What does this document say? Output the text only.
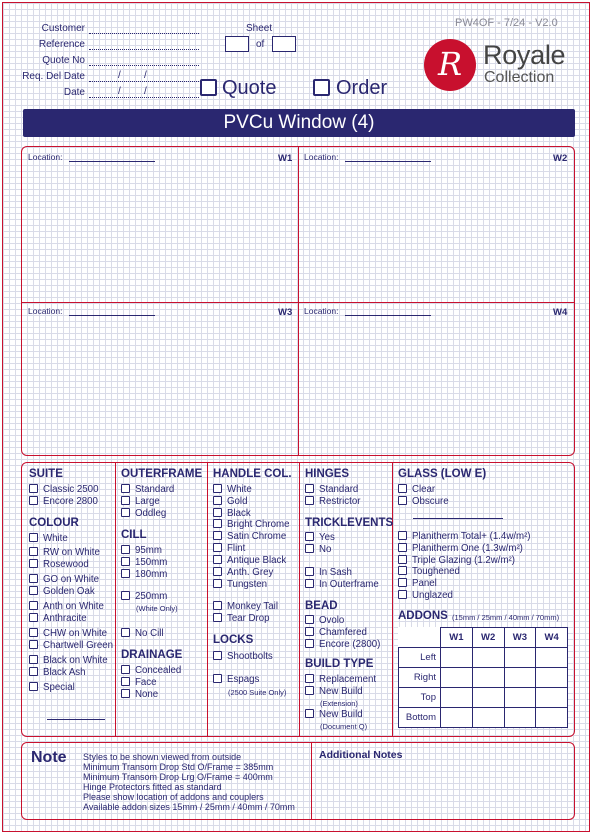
Customer
Reference
Quote No
Req. Del Date	/ /
Date	/ /
Sheet
of
Quote	Order
PW4OF - 7/24 - V2.0
R Royale
Collection
PVCu Window (4)
Location:	W1 Location:	W2
Location:	W3 Location:	W4
SUITE
Classic 2500
Encore 2800
COLOUR
White
RW on White
Rosewood
GO on White
Golden Oak
Anth on White
Anthracite
CHW on White
Chartwell Green
Black on White
Black Ash
Special
OUTERFRAME
Standard
Large
Oddleg
CILL
95mm
150mm
180mm
250mm
(White Only)
No Cill
DRAINAGE
Concealed
Face
None
HANDLE COL.
White
Gold
Black
Bright Chrome
Satin Chrome
Flint
Antique Black
Anth. Grey
Tungsten
Monkey Tail
Tear Drop
LOCKS
Shootbolts
Espags
(2500 Suite Only)
HINGES
Standard
Restrictor
TRICKLEVENTS
Yes
No
In Sash
In Outerframe
BEAD
Ovolo
Chamfered
Encore (2800)
BUILD TYPE
Replacement
New Build
(Extension)
New Build
(Document Q)
GLASS (LOW E)
Clear
Obscure
Planitherm Total+ (1.4w/m²)
Planitherm One (1.3w/m²)
Triple Glazing (1.2w/m²)
Toughened
Panel
Unglazed
ADDONS (15mm / 25mm / 40mm / 70mm)
	W1	W2	W3	W4
Left				
Right				
Top				
Bottom				
Note Styles to be shown viewed from outside
Minimum Transom Drop Std O/Frame = 385mm
Minimum Transom Drop Lrg O/Frame = 400mm
Hinge Protectors fitted as standard
Please show location of addons and couplers
Available addon sizes 15mm / 25mm / 40mm / 70mm
Additional Notes
